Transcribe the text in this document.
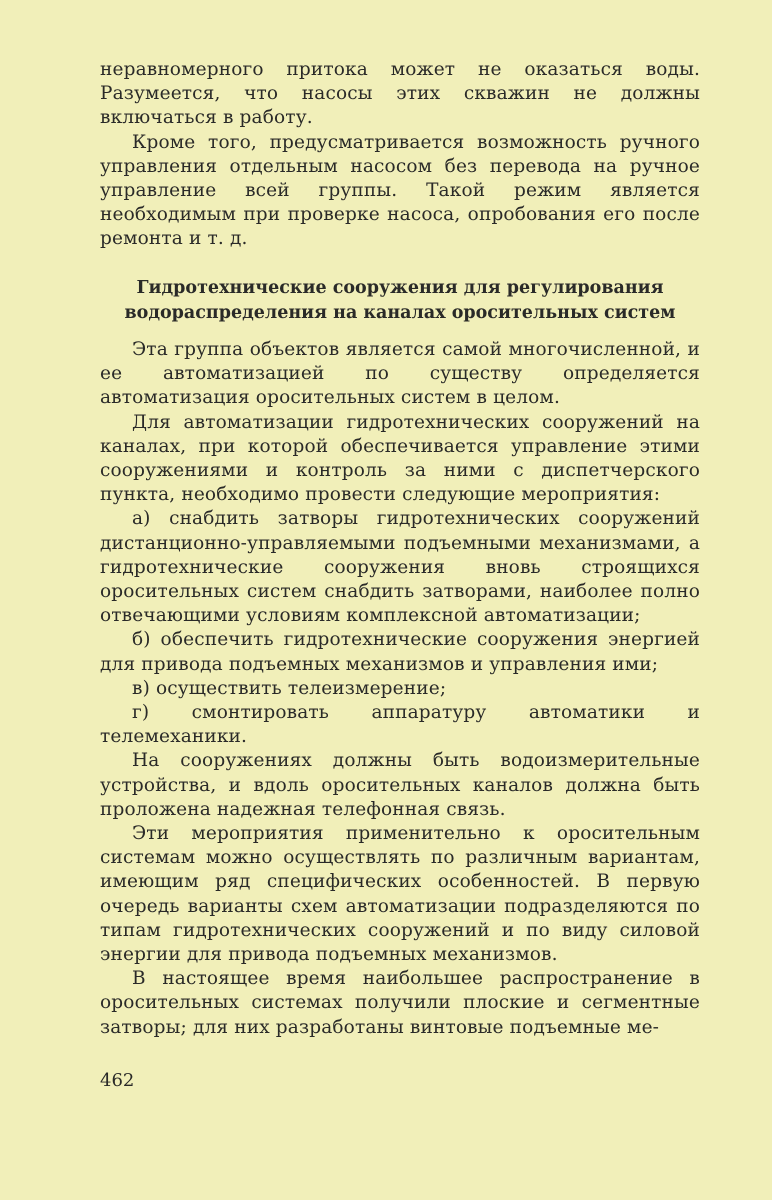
неравномерного притока может не оказаться воды. Разумеется, что насосы этих скважин не должны включаться в работу.

Кроме того, предусматривается возможность ручного управления отдельным насосом без перевода на ручное управление всей группы. Такой режим является необходимым при проверке насоса, опробования его после ремонта и т. д.

Гидротехнические сооружения для регулирования
водораспределения на каналах оросительных систем

Эта группа объектов является самой многочисленной, и ее автоматизацией по существу определяется автоматизация оросительных систем в целом.

Для автоматизации гидротехнических сооружений на каналах, при которой обеспечивается управление этими сооружениями и контроль за ними с диспетчерского пункта, необходимо провести следующие мероприятия:

а) снабдить затворы гидротехнических сооружений дистанционно-управляемыми подъемными механизмами, а гидротехнические сооружения вновь строящихся оросительных систем снабдить затворами, наиболее полно отвечающими условиям комплексной автоматизации;

б) обеспечить гидротехнические сооружения энергией для привода подъемных механизмов и управления ими;

в) осуществить телеизмерение;

г) смонтировать аппаратуру автоматики и телемеханики.

На сооружениях должны быть водоизмерительные устройства, и вдоль оросительных каналов должна быть проложена надежная телефонная связь.

Эти мероприятия применительно к оросительным системам можно осуществлять по различным вариантам, имеющим ряд специфических особенностей. В первую очередь варианты схем автоматизации подразделяются по типам гидротехнических сооружений и по виду силовой энергии для привода подъемных механизмов.

В настоящее время наибольшее распространение в оросительных системах получили плоские и сегментные затворы; для них разработаны винтовые подъемные ме-

462
